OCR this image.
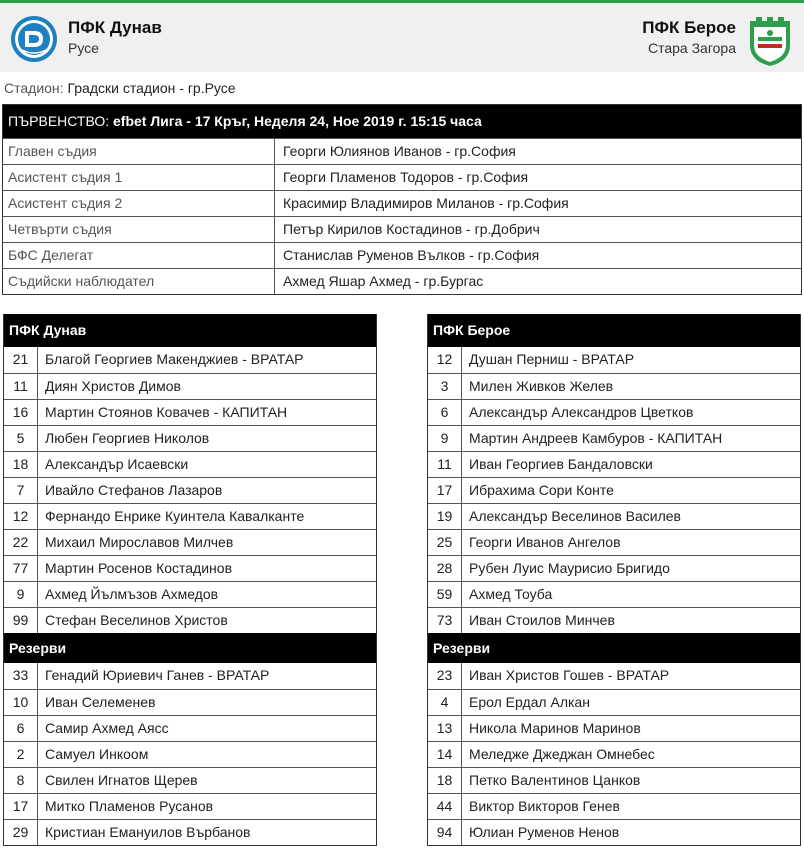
ПФК Дунав
Русе
ПФК Берое
Стара Загора
Стадион: Градски стадион - гр.Русе
ПЪРВЕНСТВО: efbet Лига - 17 Кръг, Неделя 24, Ное 2019 г. 15:15 часа
Главен съдия	Георги Юлиянов Иванов - гр.София
Асистент съдия 1	Георги Пламенов Тодоров - гр.София
Асистент съдия 2	Красимир Владимиров Миланов - гр.София
Четвърти съдия	Петър Кирилов Костадинов - гр.Добрич
БФС Делегат	Станислав Руменов Вълков - гр.София
Съдийски наблюдател	Ахмед Яшар Ахмед - гр.Бургас
ПФК Дунав
21	Благой Георгиев Макенджиев - ВРАТАР
11	Диян Христов Димов
16	Мартин Стоянов Ковачев - КАПИТАН
5	Любен Георгиев Николов
18	Александър Исаевски
7	Ивайло Стефанов Лазаров
12	Фернандо Енрике Куинтела Кавалканте
22	Михаил Мирославов Милчев
77	Мартин Росенов Костадинов
9	Ахмед Йълмъзов Ахмедов
99	Стефан Веселинов Христов
Резерви
33	Генадий Юриевич Ганев - ВРАТАР
10	Иван Селеменев
6	Самир Ахмед Аясс
2	Самуел Инкоом
8	Свилен Игнатов Щерев
17	Митко Пламенов Русанов
29	Кристиан Емануилов Върбанов
ПФК Берое
12	Душан Перниш - ВРАТАР
3	Милен Живков Желев
6	Александър Александров Цветков
9	Мартин Андреев Камбуров - КАПИТАН
11	Иван Георгиев Бандаловски
17	Ибрахима Сори Конте
19	Александър Веселинов Василев
25	Георги Иванов Ангелов
28	Рубен Луис Маурисио Бригидо
59	Ахмед Тоуба
73	Иван Стоилов Минчев
Резерви
23	Иван Христов Гошев - ВРАТАР
4	Ерол Ердал Алкан
13	Никола Маринов Маринов
14	Меледже Джеджан Омнебес
18	Петко Валентинов Цанков
44	Виктор Викторов Генев
94	Юлиан Руменов Ненов
